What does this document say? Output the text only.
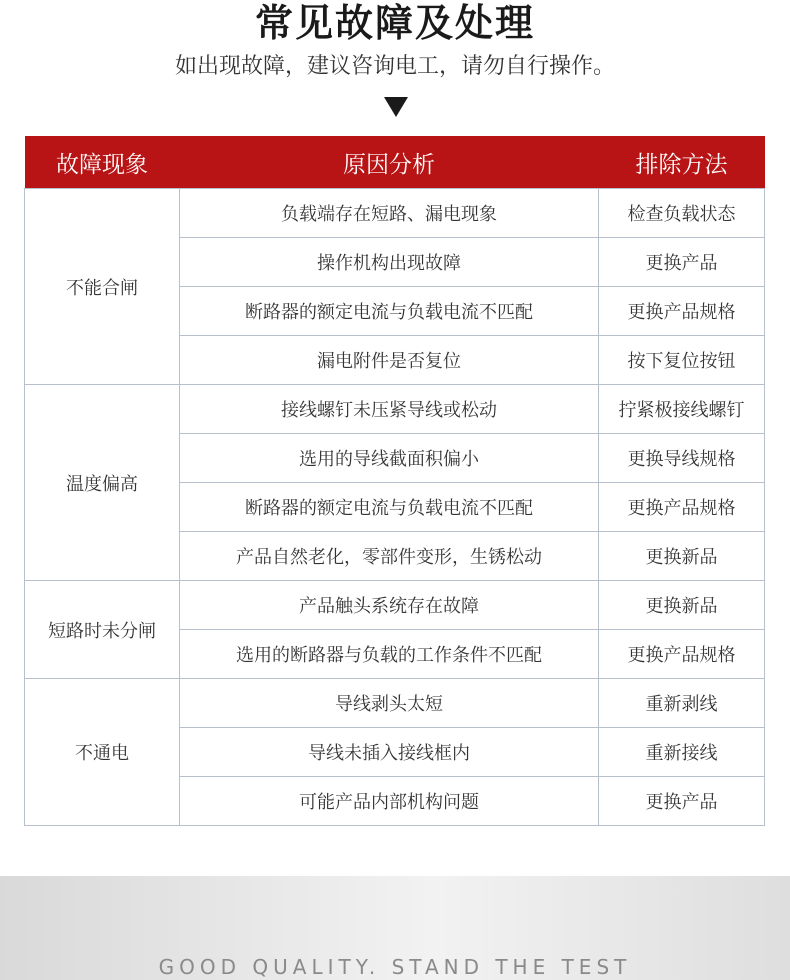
常见故障及处理
如出现故障，建议咨询电工，请勿自行操作。
故障现象	原因分析	排除方法
不能合闸	负载端存在短路、漏电现象	检查负载状态
	操作机构出现故障	更换产品
	断路器的额定电流与负载电流不匹配	更换产品规格
	漏电附件是否复位	按下复位按钮
温度偏高	接线螺钉未压紧导线或松动	拧紧极接线螺钉
	选用的导线截面积偏小	更换导线规格
	断路器的额定电流与负载电流不匹配	更换产品规格
	产品自然老化，零部件变形，生锈松动	更换新品
短路时未分闸	产品触头系统存在故障	更换新品
	选用的断路器与负载的工作条件不匹配	更换产品规格
不通电	导线剥头太短	重新剥线
	导线未插入接线框内	重新接线
	可能产品内部机构问题	更换产品
GOOD QUALITY. STAND THE TEST
